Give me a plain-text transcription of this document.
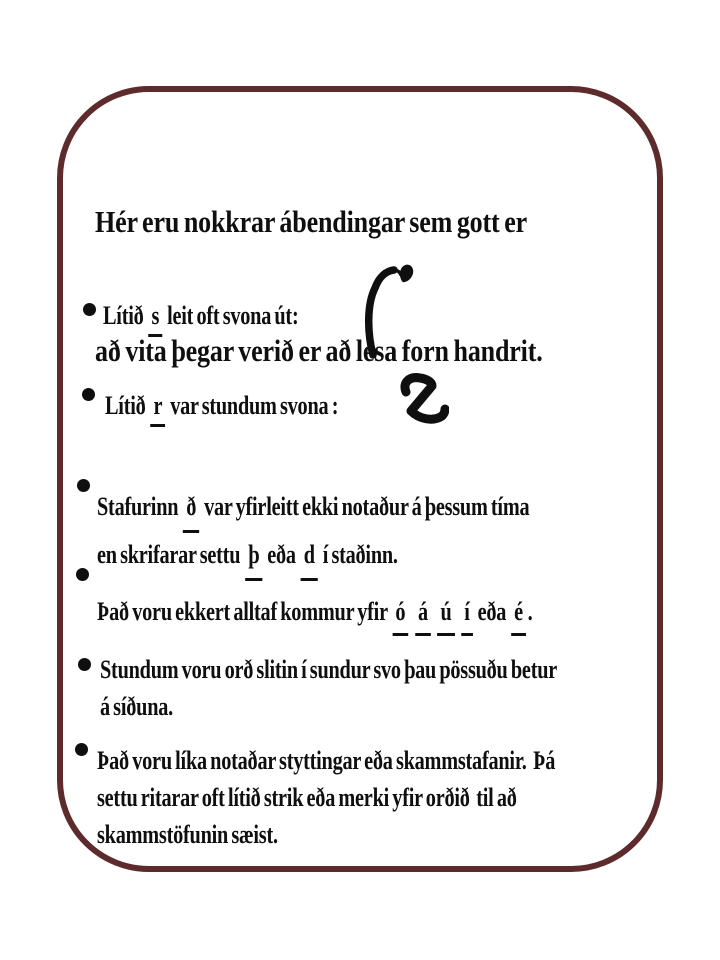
Hér eru nokkrar ábendingar sem gott er

að vita þegar verið er að lesa forn handrit.

Lítið s leit oft svona út:
Lítið r var stundum svona :
Stafurinn ð var yfirleitt ekki notaður á þessum tíma
en skrifarar settu þ eða d í staðinn.
Það voru ekkert alltaf kommur yfir ó á ú í eða é .
Stundum voru orð slitin í sundur svo þau pössuðu betur
á síðuna.
Það voru líka notaðar styttingar eða skammstafanir.  Þá
settu ritarar oft lítið strik eða merki yfir orðið  til að
skammstöfunin sæist.
